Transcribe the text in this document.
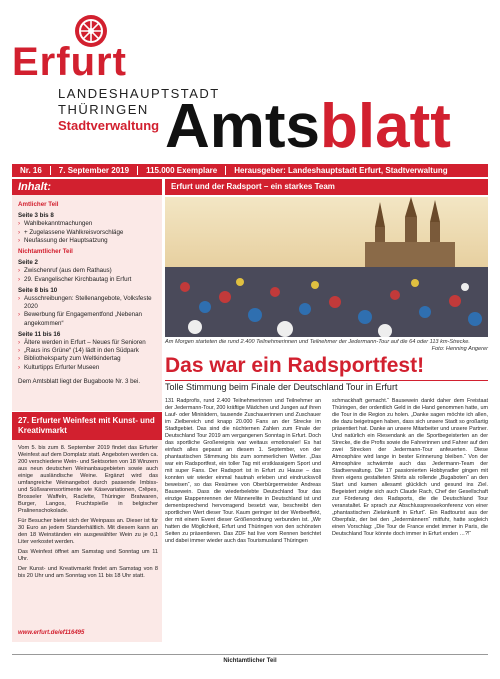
Erfurt
LANDESHAUPTSTADT
THÜRINGEN
Stadtverwaltung Amtsblatt
Nr. 16	7. September 2019	115.000 Exemplare	Herausgeber: Landeshauptstadt Erfurt, Stadtverwaltung
Inhalt:
Amtlicher Teil
Seite 3 bis 8
› Wahlbekanntmachungen
› + Zugelassene Wahlkreisvorschläge
› Neufassung der Hauptsatzung
Nichtamtlicher Teil
Seite 2
› Zwischenruf (aus dem Rathaus)
› 29. Evangelischer Kirchbautag in Erfurt
Seite 8 bis 10
› Ausschreibungen: Stellenangebote, Volksfeste 2020
› Bewerbung für Engagementfond „Nebenan angekommen“
Seite 11 bis 16
› Ältere werden in Erfurt – Neues für Senioren
› „Raus ins Grüne“ (14) lädt in den Südpark
› Bibliotheksparty zum Weltkindertag
› Kulturtipps Erfurter Museen
Dem Amtsblatt liegt der Bugaboote Nr. 3 bei.
27. Erfurter Weinfest mit Kunst- und Kreativmarkt

Vom 5. bis zum 8. September 2019 findet das Erfurter Weinfest auf dem Domplatz statt. Angeboten werden ca. 200 verschiedene Wein- und Sektsorten von 18 Winzern aus neun deutschen Weinanbaugebieten sowie auch einige ausländische Weine. Ergänzt wird das umfangreiche Weinangebot durch passende Imbiss- und Süßwarensortimente wie Käsevariationen, Crêpes, Brosseler Waffeln, Raclette, Thüringer Bratwaren, Burger, Langos, Fruchtspieße in belgischer Pralinenschokolade.

Für Besucher bietet sich der Weinpass an. Dieser ist für 30 Euro an jedem Standerhältlich. Mit diesem kann an den 18 Weinständen ein ausgewählter Wein zu je 0,1 Liter verkostet werden.

Das Weinfest öffnet am Samstag und Sonntag um 11 Uhr.

Der Kunst- und Kreativmarkt findet am Samstag von 8 bis 20 Uhr und am Sonntag von 11 bis 18 Uhr statt.

www.erfurt.de/ef116495
Erfurt und der Radsport – ein starkes Team
Am Morgen starteten die rund 2.400 Teilnehmerinnen und Teilnehmer der Jedermann-Tour auf die 64 oder 113 km-Strecke.
Foto: Henning Angerer
Das war ein Radsportfest!
Tolle Stimmung beim Finale der Deutschland Tour in Erfurt
131 Radprofis, rund 2.400 Teilnehmerinnen und Teilnehmer an der Jedermann-Tour, 200 kräftige Mädchen und Jungen auf ihren Lauf- oder Minirädern, tausende Zuschauerinnen und Zuschauer im Zielbereich und knapp 20.000 Fans an der Strecke im Stadtgebiet. Das sind die nüchternen Zahlen zum Finale der Deutschland Tour 2019 am vergangenen Sonntag in Erfurt. Doch das sportliche Großereignis war weitaus emotionaler! Es hat einfach alles gepasst an diesem 1. September, von der phantastischen Stimmung bis zum sommerlichen Wetter. „Das war ein Radsportfest, ein toller Tag mit erstklassigem Sport und mit super Fans. Der Radsport ist in Erfurt zu Hause – das konnten wir wieder einmal hautnah erleben und eindrucksvoll beweisen“, so das Resümee von Oberbürgermeister Andreas Bausewein. Dass die wiederbelebte Deutschland Tour das einzige Etappenrennen der Männerelite in Deutschland ist und dementsprechend hervorragend besetzt war, beschreibt den sportlichen Wert dieser Tour. Kaum geringer ist der Werbeeffekt, der mit einem Event dieser Größenordnung verbunden ist. „Wir hatten die Möglichkeit, Erfurt und Thüringen von den schönsten Seiten zu präsentieren. Das ZDF hat live vom Rennen berichtet und dabei immer wieder auch das Tourismusland Thüringen
schmackhaft gemacht.“ Bausewein dankt daher dem Freistaat Thüringen, der ordentlich Geld in die Hand genommen hatte, um die Tour in die Region zu holen. „Danke sagen möchte ich allen, die dazu beigetragen haben, dass sich unsere Stadt so großartig präsentiert hat. Danke an unsere Mitarbeiter und unsere Partner. Und natürlich ein Riesendank an die Sportbegeisterten an der Strecke, die die Profis sowie die Fahrerinnen und Fahrer auf den zwei Strecken der Jedermann-Tour anfeuerten. Diese Atmosphäre wird lange in bester Erinnerung bleiben.“ Von der Atmosphäre schwärmte auch das Jedermann-Team der Stadtverwaltung. Die 17 passionierten Hobbyradler gingen mit ihren eigens gestalteten Shirts als rollende „Bugaboten“ an den Start und kamen allesamt glücklich und gesund ins Ziel. Begeistert zeigte sich auch Claude Rach, Chef der Gesellschaft zur Förderung des Radsports, die die Deutschland Tour veranstaltet. Er sprach zur Abschlusspressekonferenz von einer „phantastischen Zielankunft in Erfurt“. Ein Radtourist aus der Oberpfalz, der bei den „Jedermännern“ mitfuhr, hatte sogleich einen Vorschlag: „Die Tour de France endet immer in Paris, die Deutschland Tour könnte doch immer in Erfurt enden …?!“
Nichtamtlicher Teil
